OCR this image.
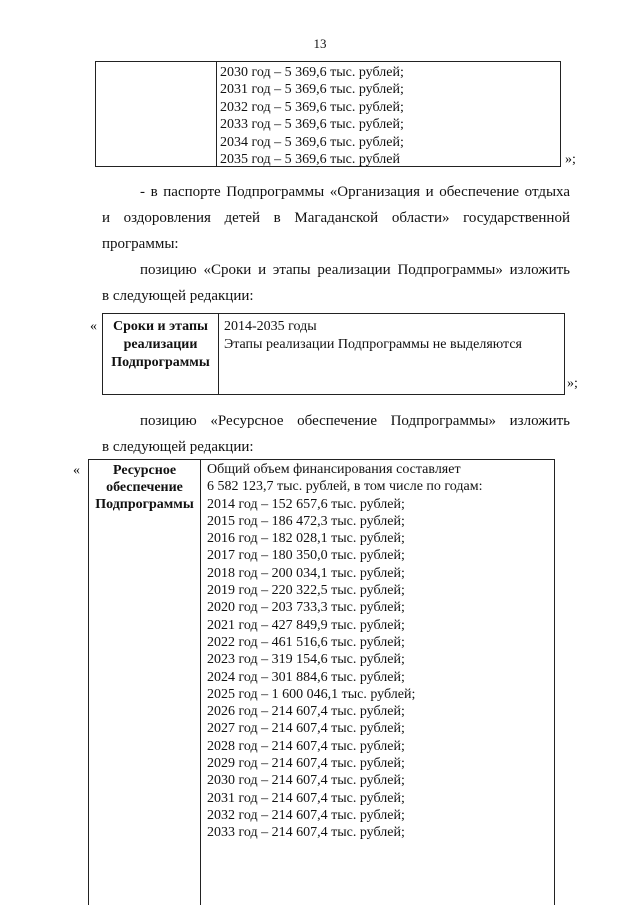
13
2030 год – 5 369,6 тыс. рублей;
2031 год – 5 369,6 тыс. рублей;
2032 год – 5 369,6 тыс. рублей;
2033 год – 5 369,6 тыс. рублей;
2034 год – 5 369,6 тыс. рублей;
2035 год – 5 369,6 тыс. рублей	»;
- в паспорте Подпрограммы «Организация и обеспечение отдыха
и оздоровления детей в Магаданской области» государственной
программы:
позицию «Сроки и этапы реализации Подпрограммы» изложить
в следующей редакции:
«	Сроки и этапы реализации Подпрограммы
2014-2035 годы
Этапы реализации Подпрограммы не выделяются
»;
позицию «Ресурсное обеспечение Подпрограммы» изложить
в следующей редакции:
«	Ресурсное обеспечение Подпрограммы
Общий объем финансирования составляет
6 582 123,7 тыс. рублей, в том числе по годам:
2014 год – 152 657,6 тыс. рублей;
2015 год – 186 472,3 тыс. рублей;
2016 год – 182 028,1 тыс. рублей;
2017 год – 180 350,0 тыс. рублей;
2018 год – 200 034,1 тыс. рублей;
2019 год – 220 322,5 тыс. рублей;
2020 год – 203 733,3 тыс. рублей;
2021 год – 427 849,9 тыс. рублей;
2022 год – 461 516,6 тыс. рублей;
2023 год – 319 154,6 тыс. рублей;
2024 год – 301 884,6 тыс. рублей;
2025 год – 1 600 046,1 тыс. рублей;
2026 год – 214 607,4 тыс. рублей;
2027 год – 214 607,4 тыс. рублей;
2028 год – 214 607,4 тыс. рублей;
2029 год – 214 607,4 тыс. рублей;
2030 год – 214 607,4 тыс. рублей;
2031 год – 214 607,4 тыс. рублей;
2032 год – 214 607,4 тыс. рублей;
2033 год – 214 607,4 тыс. рублей;
